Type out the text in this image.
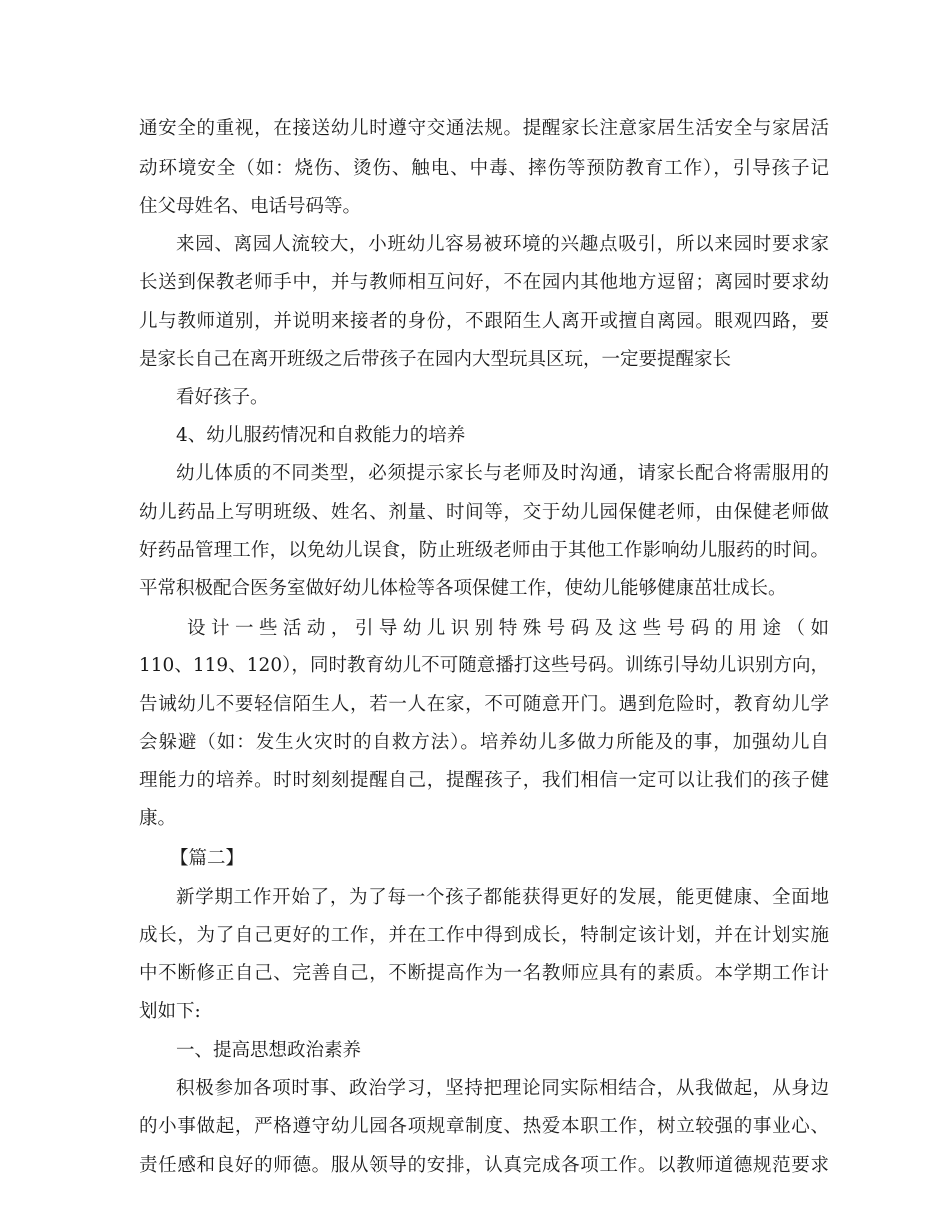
通安全的重视，在接送幼儿时遵守交通法规。提醒家长注意家居生活安全与家居活
动环境安全（如：烧伤、烫伤、触电、中毒、摔伤等预防教育工作），引导孩子记
住父母姓名、电话号码等。
来园、离园人流较大，小班幼儿容易被环境的兴趣点吸引，所以来园时要求家
长送到保教老师手中，并与教师相互问好，不在园内其他地方逗留；离园时要求幼
儿与教师道别，并说明来接者的身份，不跟陌生人离开或擅自离园。眼观四路，要
是家长自己在离开班级之后带孩子在园内大型玩具区玩，一定要提醒家长
看好孩子。
4、幼儿服药情况和自救能力的培养
幼儿体质的不同类型，必须提示家长与老师及时沟通，请家长配合将需服用的
幼儿药品上写明班级、姓名、剂量、时间等，交于幼儿园保健老师，由保健老师做
好药品管理工作，以免幼儿误食，防止班级老师由于其他工作影响幼儿服药的时间。
平常积极配合医务室做好幼儿体检等各项保健工作，使幼儿能够健康茁壮成长。
设计一些活动，引导幼儿识别特殊号码及这些号码的用途（如
110、119、120），同时教育幼儿不可随意播打这些号码。训练引导幼儿识别方向，
告诫幼儿不要轻信陌生人，若一人在家，不可随意开门。遇到危险时，教育幼儿学
会躲避（如：发生火灾时的自救方法）。培养幼儿多做力所能及的事，加强幼儿自
理能力的培养。时时刻刻提醒自己，提醒孩子，我们相信一定可以让我们的孩子健
康。
【篇二】
新学期工作开始了，为了每一个孩子都能获得更好的发展，能更健康、全面地
成长，为了自己更好的工作，并在工作中得到成长，特制定该计划，并在计划实施
中不断修正自己、完善自己，不断提高作为一名教师应具有的素质。本学期工作计
划如下:
一、提高思想政治素养
积极参加各项时事、政治学习，坚持把理论同实际相结合，从我做起，从身边
的小事做起，严格遵守幼儿园各项规章制度、热爱本职工作，树立较强的事业心、
责任感和良好的师德。服从领导的安排，认真完成各项工作。以教师道德规范要求
